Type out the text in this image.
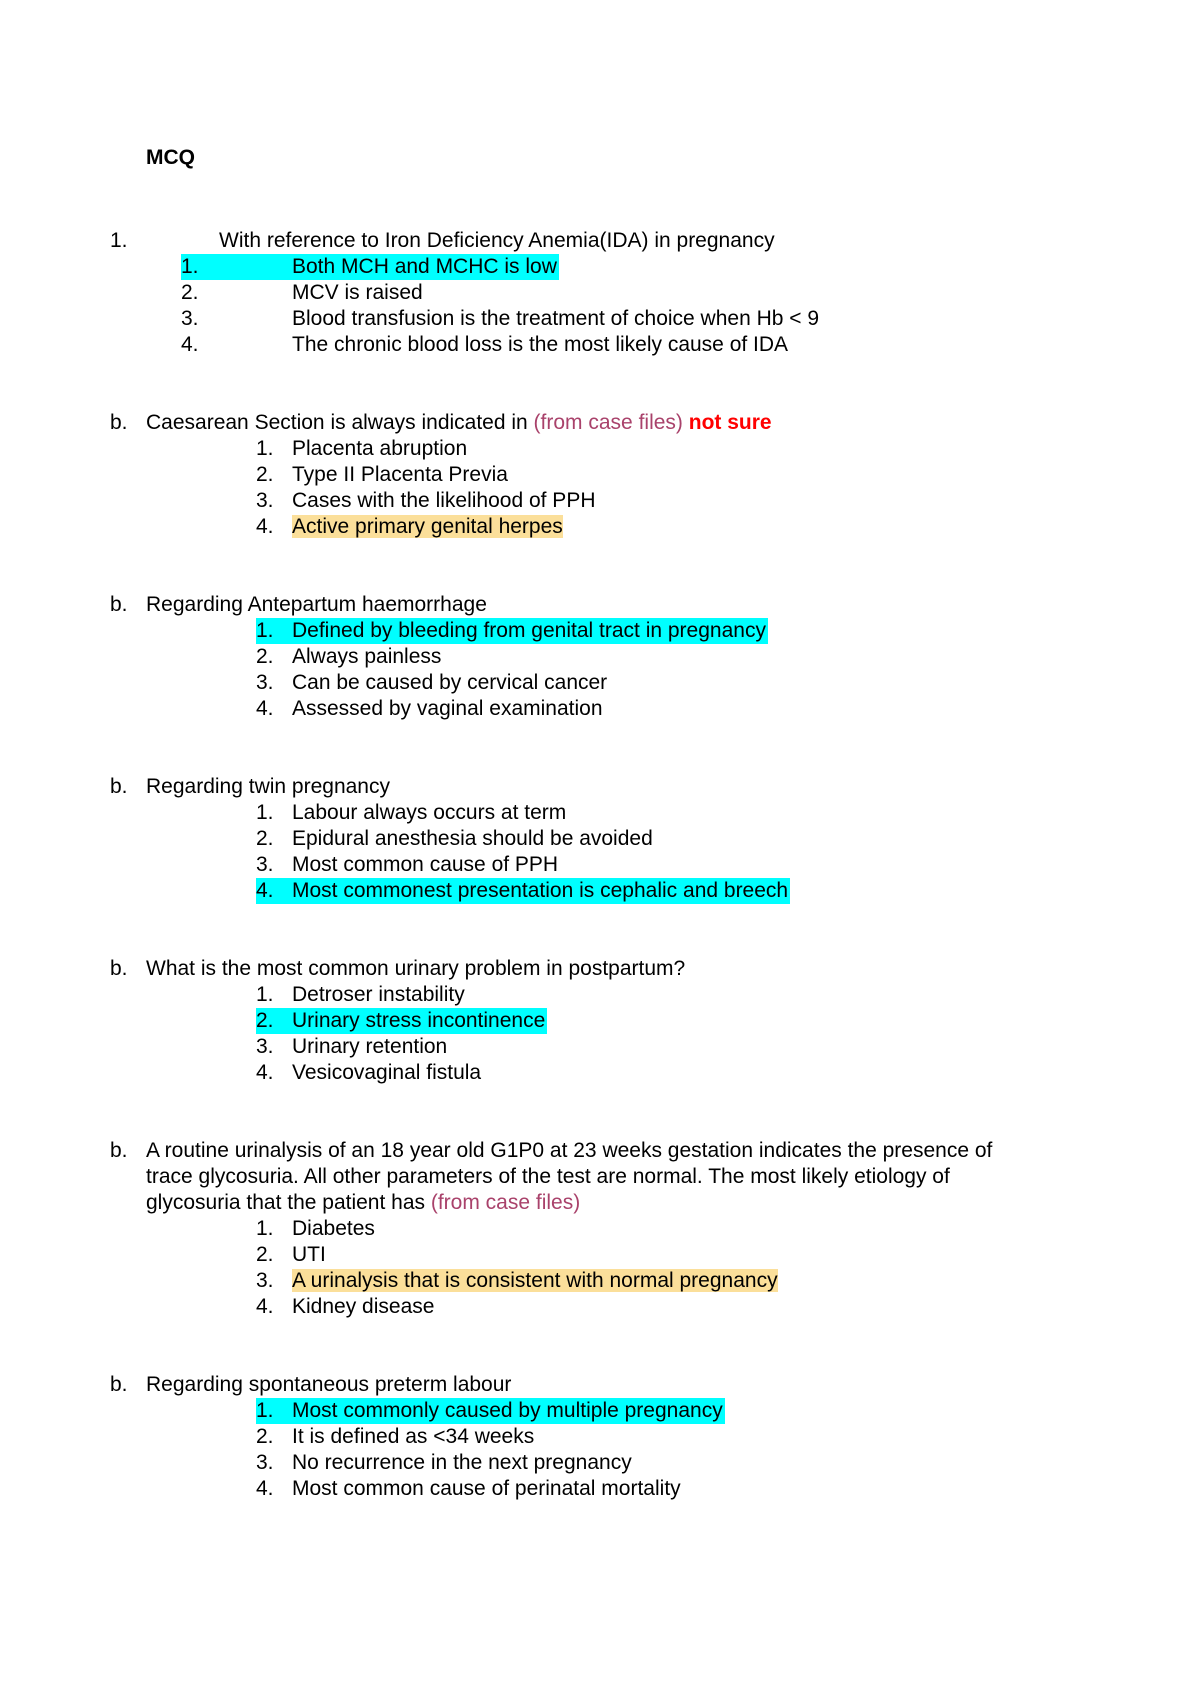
MCQ
1.	With reference to Iron Deficiency Anemia(IDA) in pregnancy
1.	Both MCH and MCHC is low
2.	MCV is raised
3.	Blood transfusion is the treatment of choice when Hb < 9
4.	The chronic blood loss is the most likely cause of IDA
b. Caesarean Section is always indicated in (from case files) not sure
1. Placenta abruption
2. Type II Placenta Previa
3. Cases with the likelihood of PPH
4. Active primary genital herpes
b. Regarding Antepartum haemorrhage
1. Defined by bleeding from genital tract in pregnancy
2. Always painless
3. Can be caused by cervical cancer
4. Assessed by vaginal examination
b. Regarding twin pregnancy
1. Labour always occurs at term
2. Epidural anesthesia should be avoided
3. Most common cause of PPH
4. Most commonest presentation is cephalic and breech
b. What is the most common urinary problem in postpartum?
1. Detroser instability
2. Urinary stress incontinence
3. Urinary retention
4. Vesicovaginal fistula
b. A routine urinalysis of an 18 year old G1P0 at 23 weeks gestation indicates the presence of
trace glycosuria. All other parameters of the test are normal. The most likely etiology of
glycosuria that the patient has (from case files)
1. Diabetes
2. UTI
3. A urinalysis that is consistent with normal pregnancy
4. Kidney disease
b. Regarding spontaneous preterm labour
1. Most commonly caused by multiple pregnancy
2. It is defined as <34 weeks
3. No recurrence in the next pregnancy
4. Most common cause of perinatal mortality
